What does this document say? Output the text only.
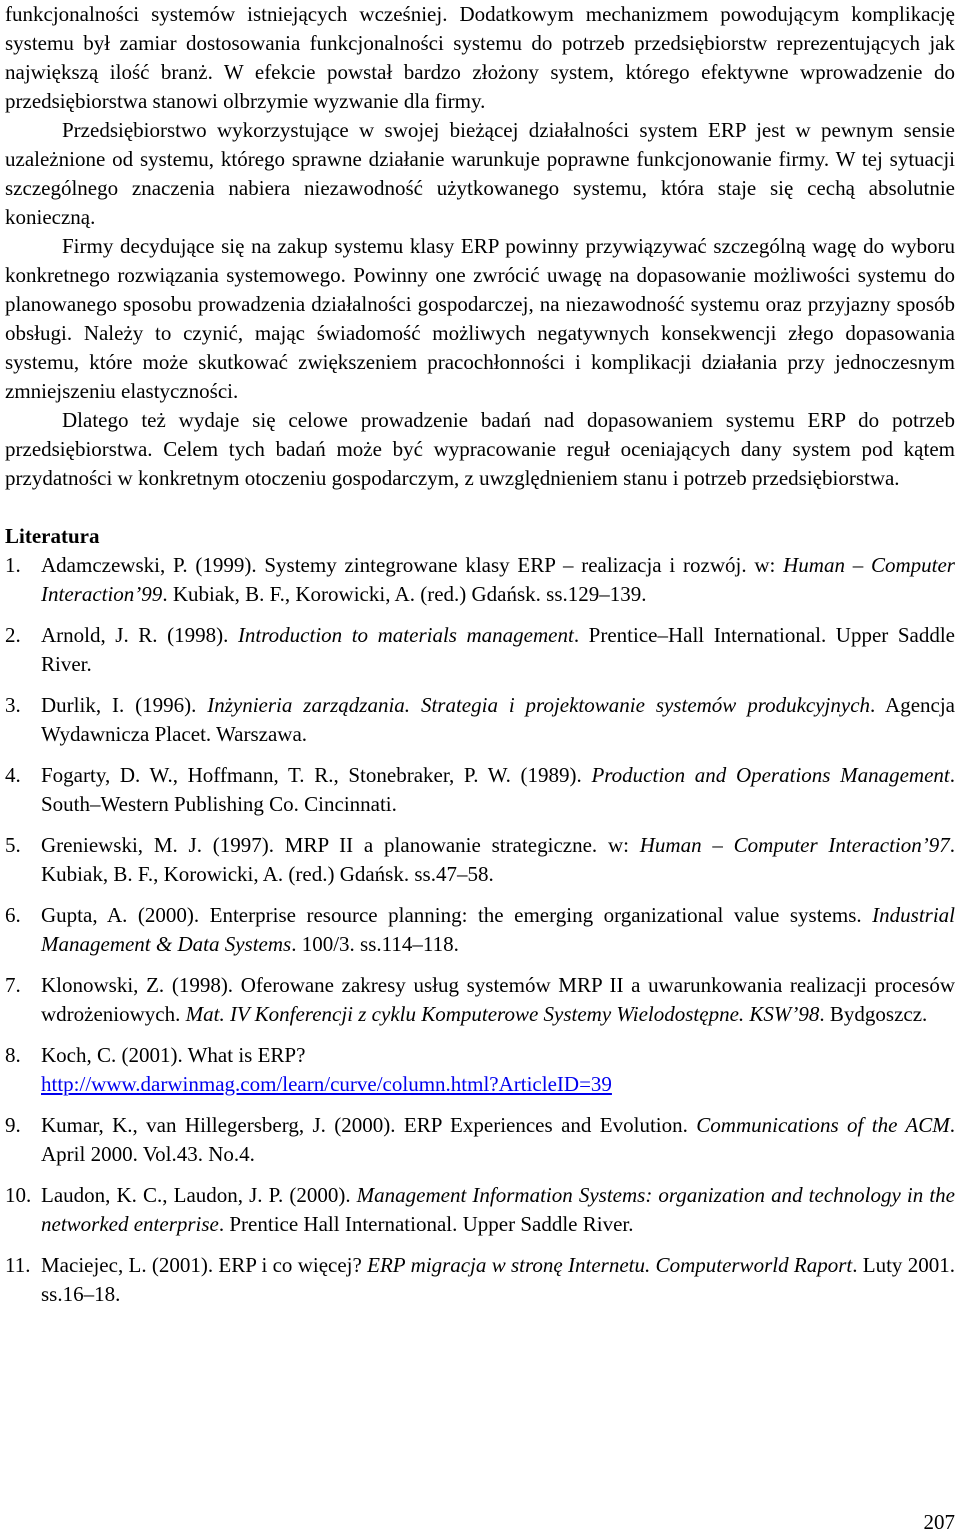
funkcjonalności systemów istniejących wcześniej. Dodatkowym mechanizmem powodującym komplikację systemu był zamiar dostosowania funkcjonalności systemu do potrzeb przedsiębiorstw reprezentujących jak największą ilość branż. W efekcie powstał bardzo złożony system, którego efektywne wprowadzenie do przedsiębiorstwa stanowi olbrzymie wyzwanie dla firmy.

Przedsiębiorstwo wykorzystujące w swojej bieżącej działalności system ERP jest w pewnym sensie uzależnione od systemu, którego sprawne działanie warunkuje poprawne funkcjonowanie firmy. W tej sytuacji szczególnego znaczenia nabiera niezawodność użytkowanego systemu, która staje się cechą absolutnie konieczną.

Firmy decydujące się na zakup systemu klasy ERP powinny przywiązywać szczególną wagę do wyboru konkretnego rozwiązania systemowego. Powinny one zwrócić uwagę na dopasowanie możliwości systemu do planowanego sposobu prowadzenia działalności gospodarczej, na niezawodność systemu oraz przyjazny sposób obsługi. Należy to czynić, mając świadomość możliwych negatywnych konsekwencji złego dopasowania systemu, które może skutkować zwiększeniem pracochłonności i komplikacji działania przy jednoczesnym zmniejszeniu elastyczności.

Dlatego też wydaje się celowe prowadzenie badań nad dopasowaniem systemu ERP do potrzeb przedsiębiorstwa. Celem tych badań może być wypracowanie reguł oceniających dany system pod kątem przydatności w konkretnym otoczeniu gospodarczym, z uwzględnieniem stanu i potrzeb przedsiębiorstwa.

Literatura
1. Adamczewski, P. (1999). Systemy zintegrowane klasy ERP – realizacja i rozwój. w: Human – Computer Interaction’99. Kubiak, B. F., Korowicki, A. (red.) Gdańsk. ss.129–139.
2. Arnold, J. R. (1998). Introduction to materials management. Prentice–Hall International. Upper Saddle River.
3. Durlik, I. (1996). Inżynieria zarządzania. Strategia i projektowanie systemów produkcyjnych. Agencja Wydawnicza Placet. Warszawa.
4. Fogarty, D. W., Hoffmann, T. R., Stonebraker, P. W. (1989). Production and Operations Management. South–Western Publishing Co. Cincinnati.
5. Greniewski, M. J. (1997). MRP II a planowanie strategiczne. w: Human – Computer Interaction’97. Kubiak, B. F., Korowicki, A. (red.) Gdańsk. ss.47–58.
6. Gupta, A. (2000). Enterprise resource planning: the emerging organizational value systems. Industrial Management & Data Systems. 100/3. ss.114–118.
7. Klonowski, Z. (1998). Oferowane zakresy usług systemów MRP II a uwarunkowania realizacji procesów wdrożeniowych. Mat. IV Konferencji z cyklu Komputerowe Systemy Wielodostępne. KSW’98. Bydgoszcz.
8. Koch, C. (2001). What is ERP?
http://www.darwinmag.com/learn/curve/column.html?ArticleID=39
9. Kumar, K., van Hillegersberg, J. (2000). ERP Experiences and Evolution. Communications of the ACM. April 2000. Vol.43. No.4.
10. Laudon, K. C., Laudon, J. P. (2000). Management Information Systems: organization and technology in the networked enterprise. Prentice Hall International. Upper Saddle River.
11. Maciejec, L. (2001). ERP i co więcej? ERP migracja w stronę Internetu. Computerworld Raport. Luty 2001. ss.16–18.
207
